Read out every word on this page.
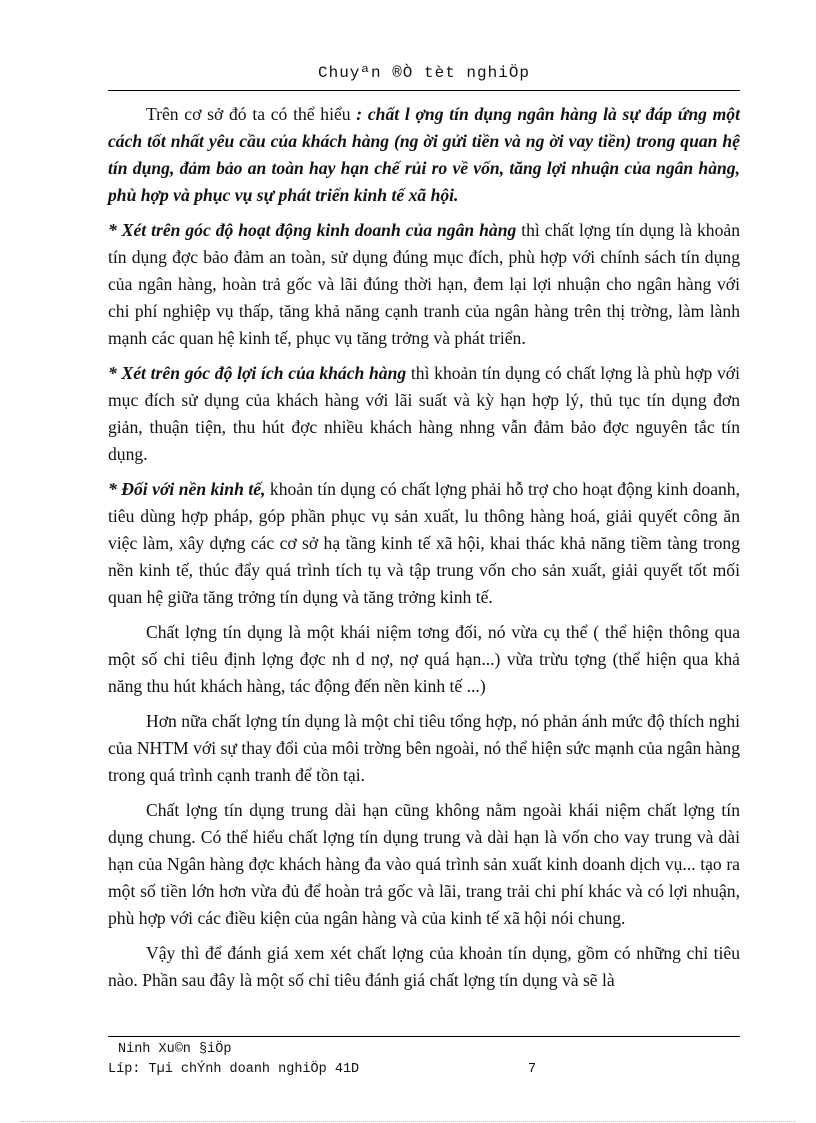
Chuyªn ®Ò tèt nghiÖp

Trên cơ sở đó ta có thể hiểu : chất l ợng tín dụng ngân hàng là sự đáp ứng một cách tốt nhất yêu cầu của khách hàng (ng ời gửi tiền và ng ời vay tiền) trong quan hệ tín dụng, đảm bảo an toàn hay hạn chế rủi ro về vốn, tăng lợi nhuận của ngân hàng, phù hợp và phục vụ sự phát triển kinh tế xã hội.

* Xét trên góc độ hoạt động kinh doanh của ngân hàng thì chất lợng tín dụng là khoản tín dụng đợc bảo đảm an toàn, sử dụng đúng mục đích, phù hợp với chính sách tín dụng của ngân hàng, hoàn trả gốc và lãi đúng thời hạn, đem lại lợi nhuận cho ngân hàng với chi phí nghiệp vụ thấp, tăng khả năng cạnh tranh của ngân hàng trên thị trờng, làm lành mạnh các quan hệ kinh tế, phục vụ tăng trởng và phát triển.

* Xét trên góc độ lợi ích của khách hàng thì khoản tín dụng có chất lợng là phù hợp với mục đích sử dụng của khách hàng với lãi suất và kỳ hạn hợp lý, thủ tục tín dụng đơn giản, thuận tiện, thu hút đợc nhiều khách hàng nhng vẫn đảm bảo đợc nguyên tắc tín dụng.

* Đối với nền kinh tế, khoản tín dụng có chất lợng phải hỗ trợ cho hoạt động kinh doanh, tiêu dùng hợp pháp, góp phần phục vụ sản xuất, lu thông hàng hoá, giải quyết công ăn việc làm, xây dựng các cơ sở hạ tầng kinh tế xã hội, khai thác khả năng tiềm tàng trong nền kinh tế, thúc đẩy quá trình tích tụ và tập trung vốn cho sản xuất, giải quyết tốt mối quan hệ giữa tăng trởng tín dụng và tăng trởng kinh tế.

Chất lợng tín dụng là một khái niệm tơng đối, nó vừa cụ thể ( thể hiện thông qua một số chỉ tiêu định lợng đợc nh d nợ, nợ quá hạn...) vừa trừu tợng (thể hiện qua khả năng thu hút khách hàng, tác động đến nền kinh tế ...)

Hơn nữa chất lợng tín dụng là một chỉ tiêu tổng hợp, nó phản ánh mức độ thích nghi của NHTM với sự thay đổi của môi trờng bên ngoài, nó thể hiện sức mạnh của ngân hàng trong quá trình cạnh tranh để tồn tại.

Chất lợng tín dụng trung dài hạn cũng không nằm ngoài khái niệm chất lợng tín dụng chung. Có thể hiểu chất lợng tín dụng trung và dài hạn là vốn cho vay trung và dài hạn của Ngân hàng đợc khách hàng đa vào quá trình sản xuất kinh doanh dịch vụ... tạo ra một số tiền lớn hơn vừa đủ để hoàn trả gốc và lãi, trang trải chi phí khác và có lợi nhuận, phù hợp với các điều kiện của ngân hàng và của kinh tế xã hội nói chung.

Vậy thì để đánh giá xem xét chất lợng của khoản tín dụng, gồm có những chỉ tiêu nào. Phần sau đây là một số chỉ tiêu đánh giá chất lợng tín dụng và sẽ là

Ninh Xu©n §iÖp
Líp: Tµi chÝnh doanh nghiÖp 41D	7
